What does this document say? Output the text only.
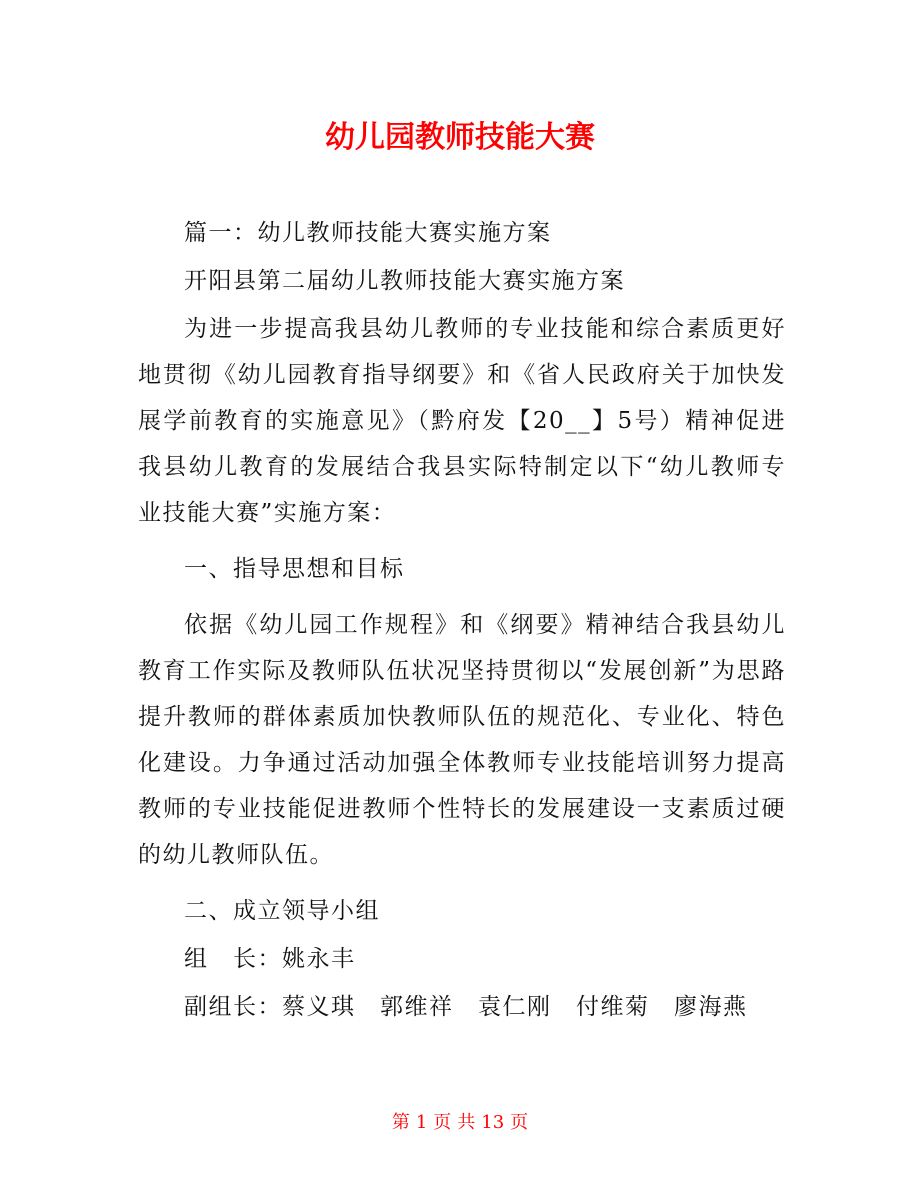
幼儿园教师技能大赛

篇一：幼儿教师技能大赛实施方案

开阳县第二届幼儿教师技能大赛实施方案

为进一步提高我县幼儿教师的专业技能和综合素质更好地贯彻《幼儿园教育指导纲要》和《省人民政府关于加快发展学前教育的实施意见》（黔府发【20__】5号）精神促进我县幼儿教育的发展结合我县实际特制定以下“幼儿教师专业技能大赛”实施方案：

一、指导思想和目标

依据《幼儿园工作规程》和《纲要》精神结合我县幼儿教育工作实际及教师队伍状况坚持贯彻以“发展创新”为思路提升教师的群体素质加快教师队伍的规范化、专业化、特色化建设。力争通过活动加强全体教师专业技能培训努力提高教师的专业技能促进教师个性特长的发展建设一支素质过硬的幼儿教师队伍。

二、成立领导小组

组　长：姚永丰

副组长：蔡义琪　郭维祥　袁仁刚　付维菊　廖海燕

第 1 页 共 13 页
